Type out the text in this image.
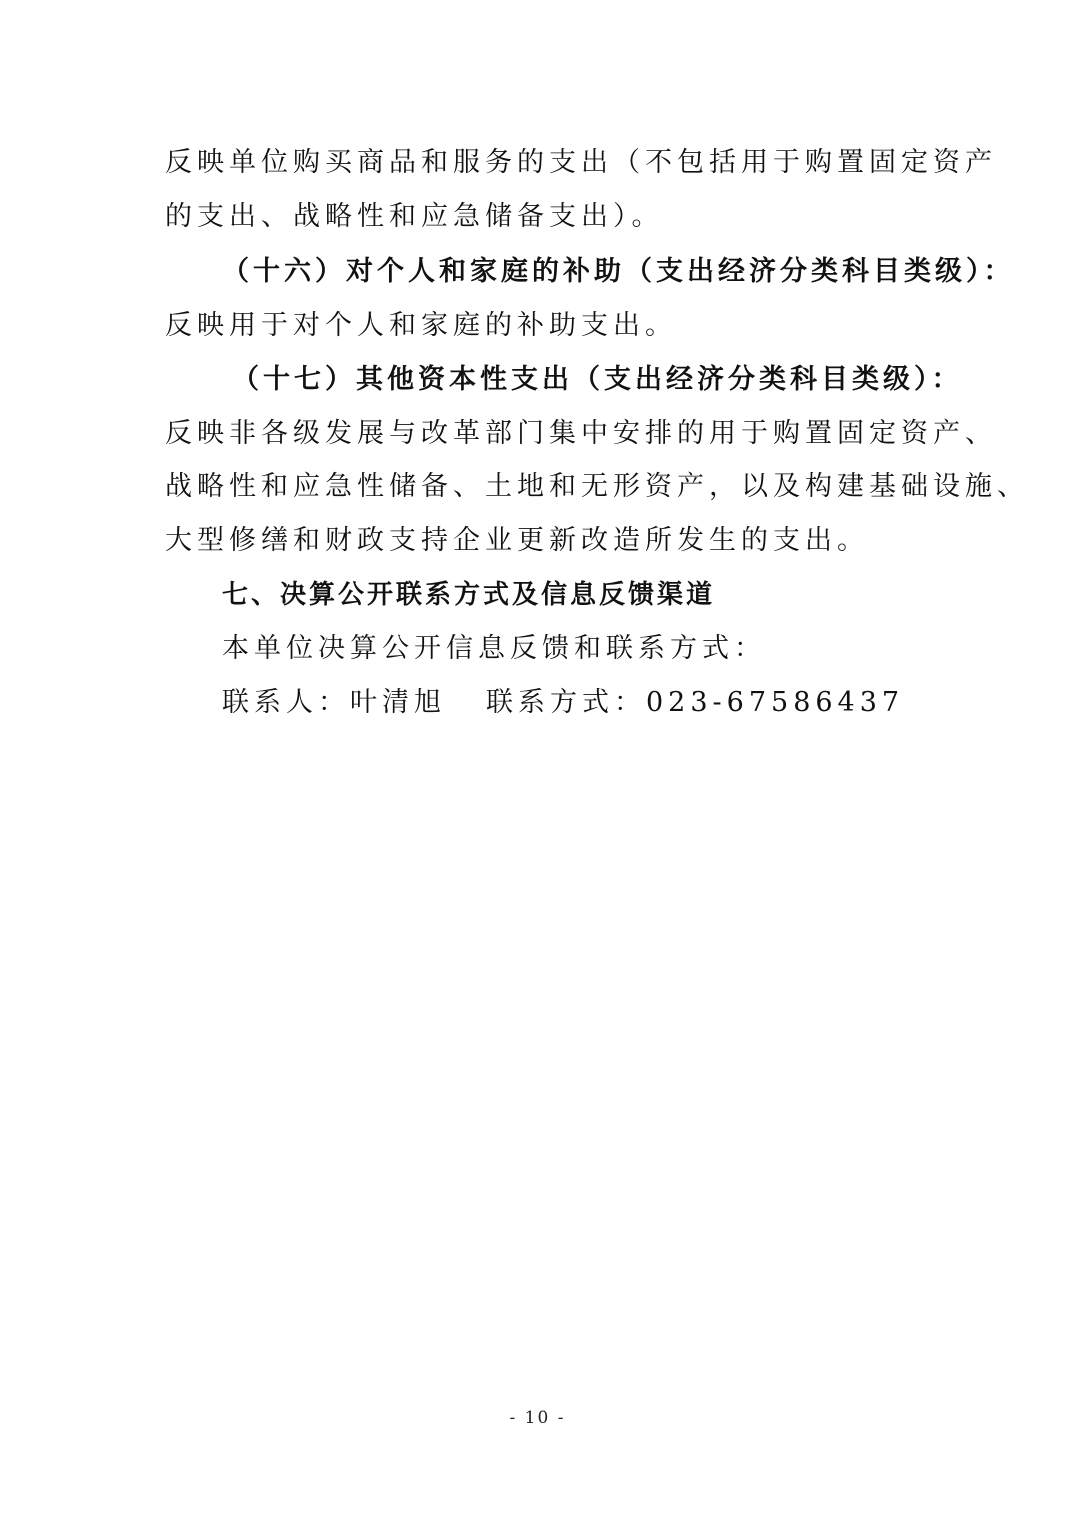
反映单位购买商品和服务的支出（不包括用于购置固定资产
的支出、战略性和应急储备支出）。
（十六）对个人和家庭的补助（支出经济分类科目类级）：
反映用于对个人和家庭的补助支出。
（十七）其他资本性支出（支出经济分类科目类级）：
反映非各级发展与改革部门集中安排的用于购置固定资产、
战略性和应急性储备、土地和无形资产，以及构建基础设施、
大型修缮和财政支持企业更新改造所发生的支出。
七、决算公开联系方式及信息反馈渠道
本单位决算公开信息反馈和联系方式：
联系人：叶清旭 联系方式：023-67586437
- 10 -
